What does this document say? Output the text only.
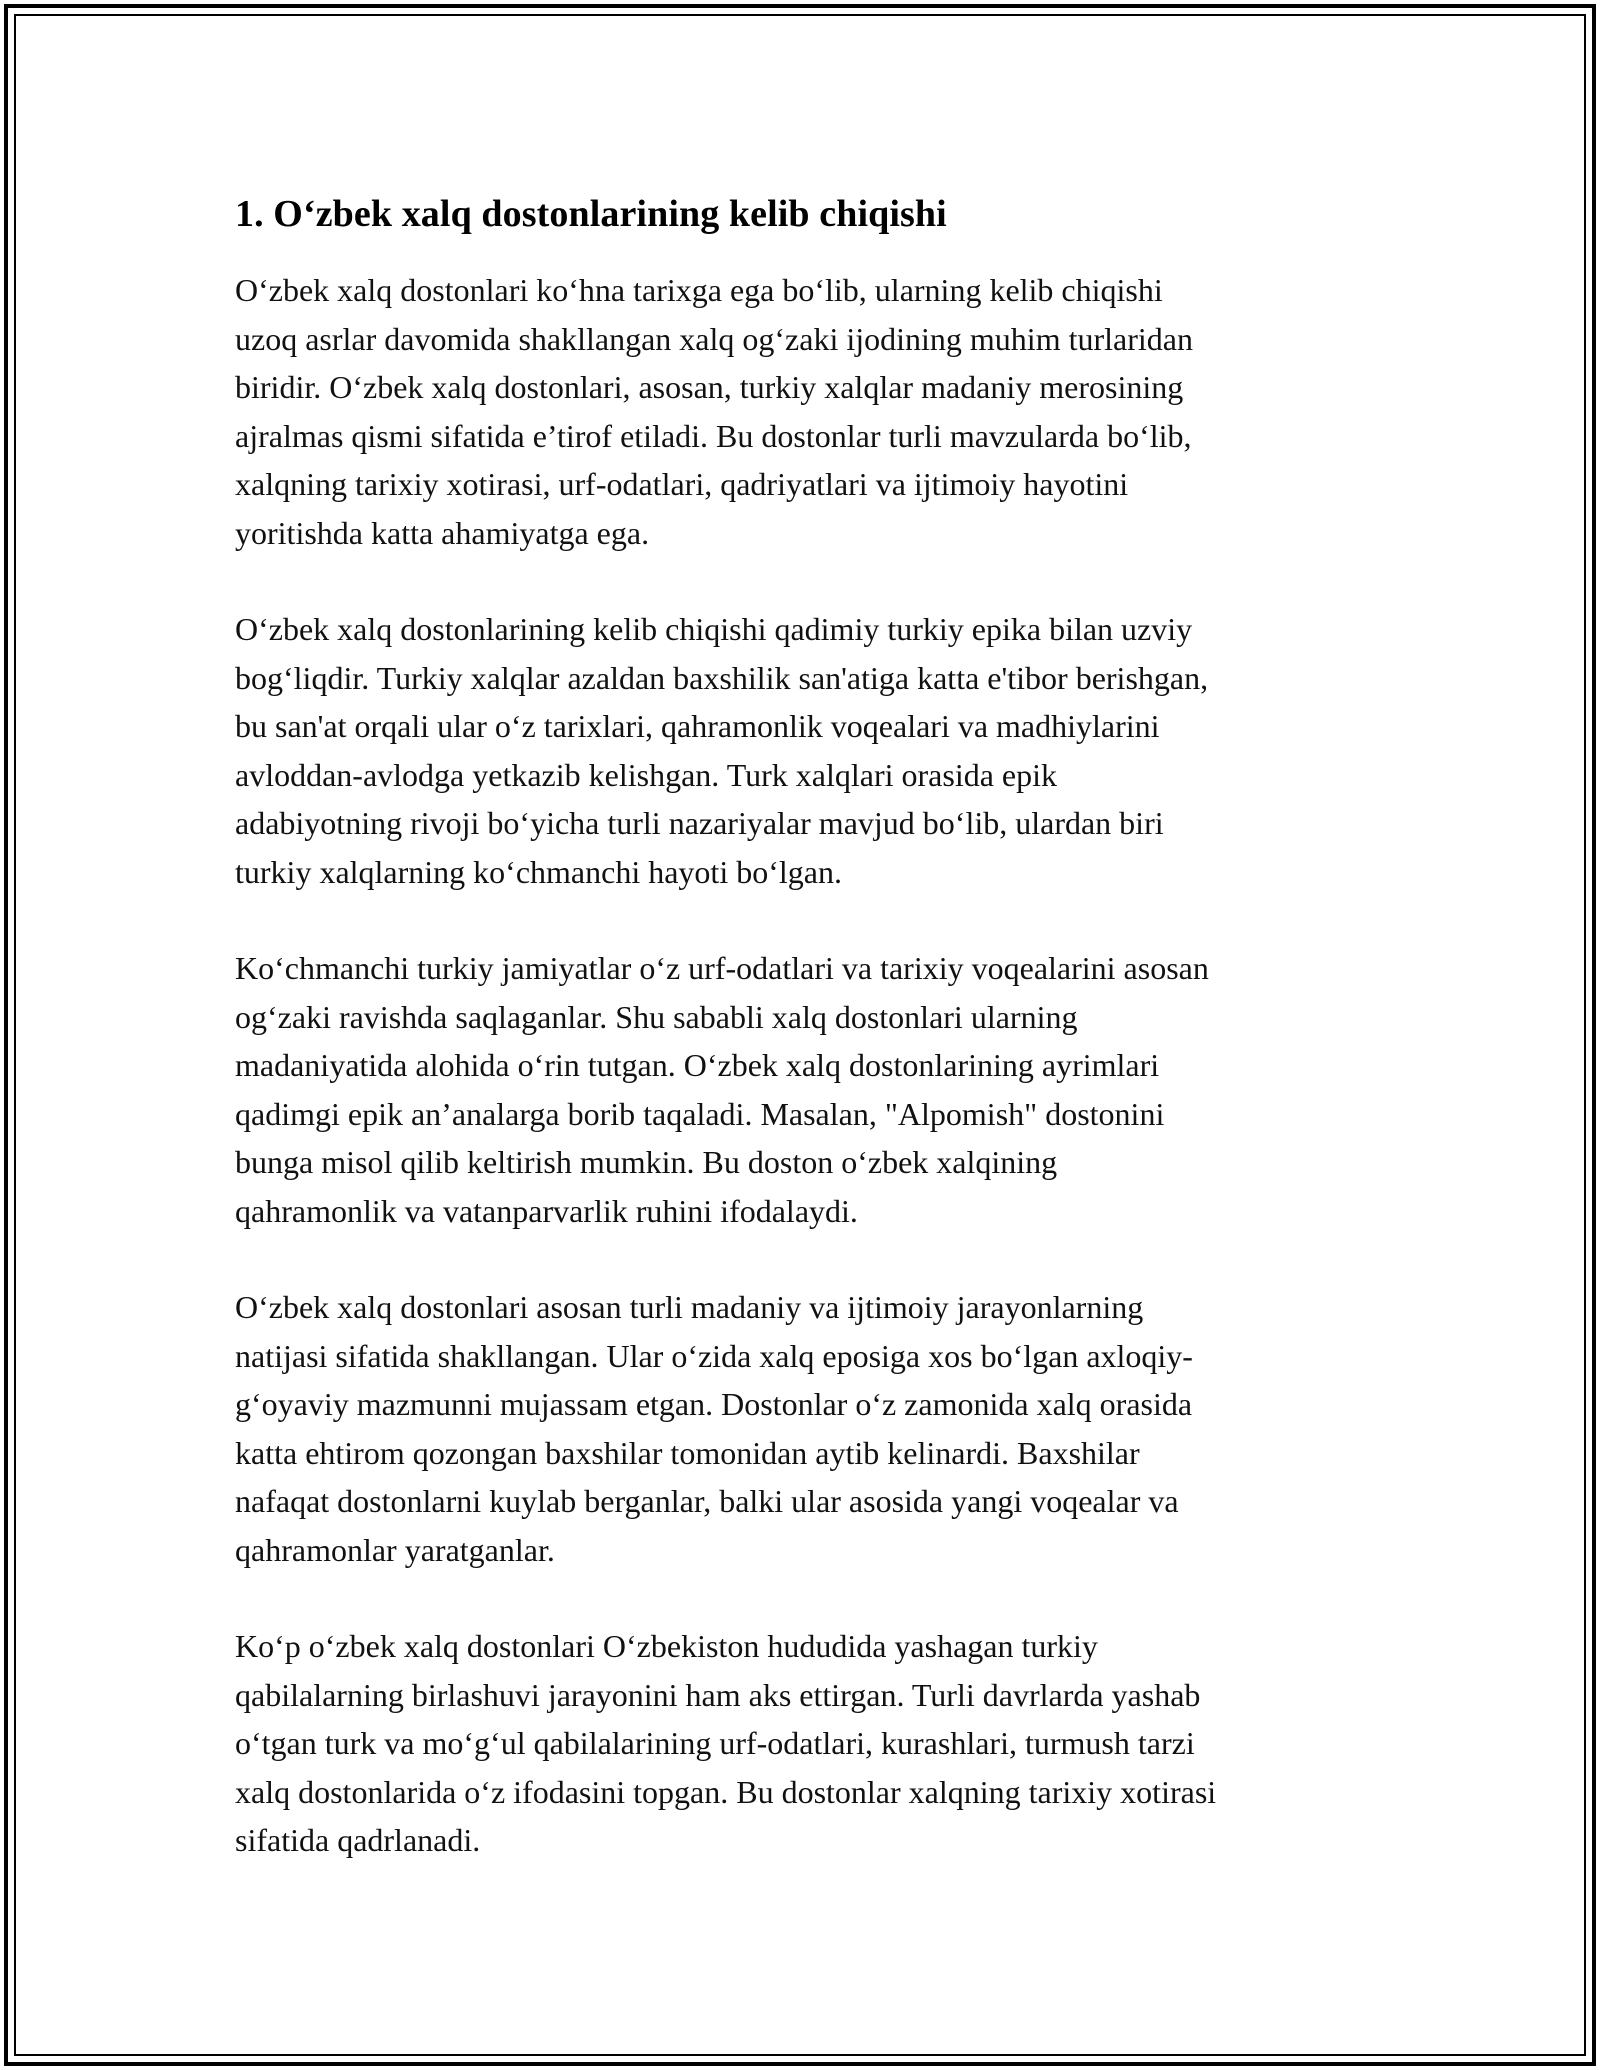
1. O‘zbek xalq dostonlarining kelib chiqishi
O‘zbek xalq dostonlari ko‘hna tarixga ega bo‘lib, ularning kelib chiqishi
uzoq asrlar davomida shakllangan xalq og‘zaki ijodining muhim turlaridan
biridir. O‘zbek xalq dostonlari, asosan, turkiy xalqlar madaniy merosining
ajralmas qismi sifatida e’tirof etiladi. Bu dostonlar turli mavzularda bo‘lib,
xalqning tarixiy xotirasi, urf-odatlari, qadriyatlari va ijtimoiy hayotini
yoritishda katta ahamiyatga ega.
O‘zbek xalq dostonlarining kelib chiqishi qadimiy turkiy epika bilan uzviy
bog‘liqdir. Turkiy xalqlar azaldan baxshilik san'atiga katta e'tibor berishgan,
bu san'at orqali ular o‘z tarixlari, qahramonlik voqealari va madhiylarini
avloddan-avlodga yetkazib kelishgan. Turk xalqlari orasida epik
adabiyotning rivoji bo‘yicha turli nazariyalar mavjud bo‘lib, ulardan biri
turkiy xalqlarning ko‘chmanchi hayoti bo‘lgan.
Ko‘chmanchi turkiy jamiyatlar o‘z urf-odatlari va tarixiy voqealarini asosan
og‘zaki ravishda saqlaganlar. Shu sababli xalq dostonlari ularning
madaniyatida alohida o‘rin tutgan. O‘zbek xalq dostonlarining ayrimlari
qadimgi epik an’analarga borib taqaladi. Masalan, "Alpomish" dostonini
bunga misol qilib keltirish mumkin. Bu doston o‘zbek xalqining
qahramonlik va vatanparvarlik ruhini ifodalaydi.
O‘zbek xalq dostonlari asosan turli madaniy va ijtimoiy jarayonlarning
natijasi sifatida shakllangan. Ular o‘zida xalq eposiga xos bo‘lgan axloqiy-
g‘oyaviy mazmunni mujassam etgan. Dostonlar o‘z zamonida xalq orasida
katta ehtirom qozongan baxshilar tomonidan aytib kelinardi. Baxshilar
nafaqat dostonlarni kuylab berganlar, balki ular asosida yangi voqealar va
qahramonlar yaratganlar.
Ko‘p o‘zbek xalq dostonlari O‘zbekiston hududida yashagan turkiy
qabilalarning birlashuvi jarayonini ham aks ettirgan. Turli davrlarda yashab
o‘tgan turk va mo‘g‘ul qabilalarining urf-odatlari, kurashlari, turmush tarzi
xalq dostonlarida o‘z ifodasini topgan. Bu dostonlar xalqning tarixiy xotirasi
sifatida qadrlanadi.
